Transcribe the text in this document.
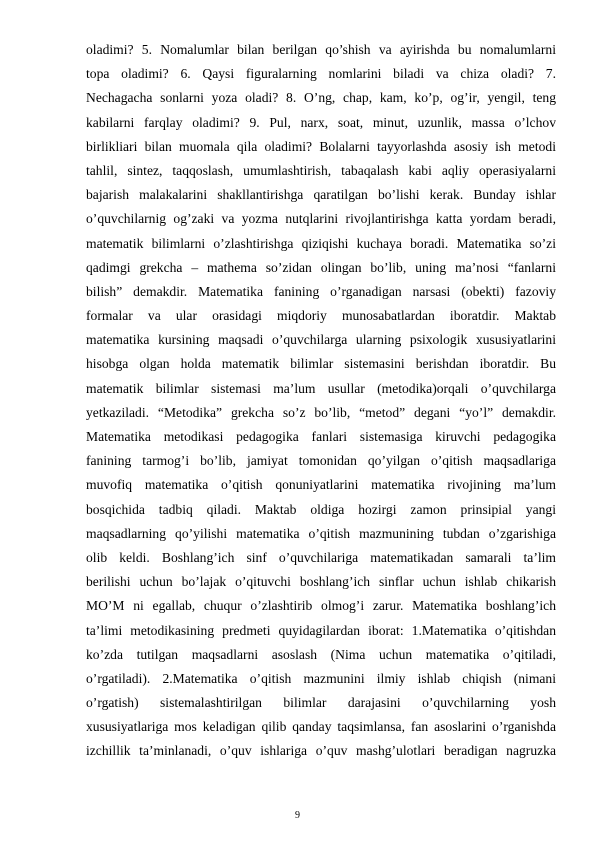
oladimi? 5. Nomalumlar bilan berilgan qo’shish va ayirishda bu nomalumlarni
topa oladimi? 6. Qaysi figuralarning nomlarini biladi va chiza oladi? 7.
Nechagacha sonlarni yoza oladi? 8. O’ng, chap, kam, ko’p, og’ir, yengil, teng
kabilarni farqlay oladimi? 9. Pul, narx, soat, minut, uzunlik, massa o’lchov
birlikliari bilan muomala qila oladimi? Bolalarni tayyorlashda asosiy ish metodi
tahlil, sintez, taqqoslash, umumlashtirish, tabaqalash kabi aqliy operasiyalarni
bajarish malakalarini shakllantirishga qaratilgan bo’lishi kerak. Bunday ishlar
o’quvchilarnig og’zaki va yozma nutqlarini rivojlantirishga katta yordam beradi,
matematik bilimlarni o’zlashtirishga qiziqishi kuchaya boradi. Matematika so’zi
qadimgi grekcha – mathema so’zidan olingan bo’lib, uning ma’nosi “fanlarni
bilish” demakdir. Matematika fanining o’rganadigan narsasi (obekti) fazoviy
formalar va ular orasidagi miqdoriy munosabatlardan iboratdir. Maktab
matematika kursining maqsadi o’quvchilarga ularning psixologik xususiyatlarini
hisobga olgan holda matematik bilimlar sistemasini berishdan iboratdir. Bu
matematik bilimlar sistemasi ma’lum usullar (metodika)orqali o’quvchilarga
yetkaziladi. “Metodika” grekcha so’z bo’lib, “metod” degani “yo’l” demakdir.
Matematika metodikasi pedagogika fanlari sistemasiga kiruvchi pedagogika
fanining tarmog’i bo’lib, jamiyat tomonidan qo’yilgan o’qitish maqsadlariga
muvofiq matematika o’qitish qonuniyatlarini matematika rivojining ma’lum
bosqichida tadbiq qiladi. Maktab oldiga hozirgi zamon prinsipial yangi
maqsadlarning qo’yilishi matematika o’qitish mazmunining tubdan o’zgarishiga
olib keldi. Boshlang’ich sinf o’quvchilariga matematikadan samarali ta’lim
berilishi uchun bo’lajak o’qituvchi boshlang’ich sinflar uchun ishlab chikarish
MO’M ni egallab, chuqur o’zlashtirib olmog’i zarur. Matematika boshlang’ich
ta’limi metodikasining predmeti quyidagilardan iborat: 1.Matematika o’qitishdan
ko’zda tutilgan maqsadlarni asoslash (Nima uchun matematika o’qitiladi,
o’rgatiladi). 2.Matematika o’qitish mazmunini ilmiy ishlab chiqish (nimani
o’rgatish) sistemalashtirilgan bilimlar darajasini o’quvchilarning yosh
xususiyatlariga mos keladigan qilib qanday taqsimlansa, fan asoslarini o’rganishda
izchillik ta’minlanadi, o’quv ishlariga o’quv mashg’ulotlari beradigan nagruzka
9
